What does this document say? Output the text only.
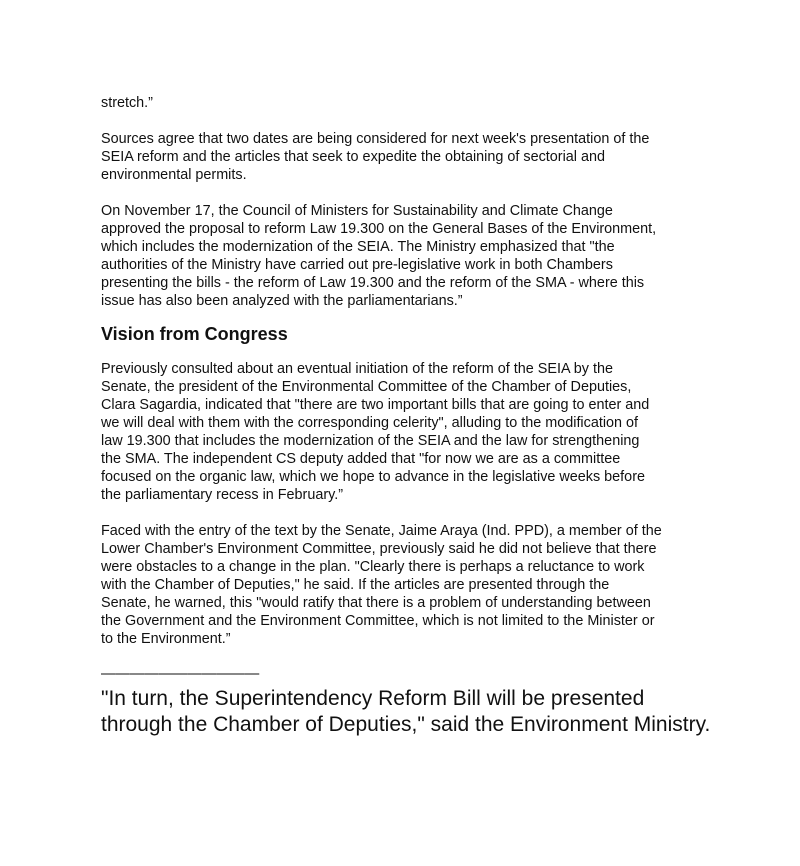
stretch.”

Sources agree that two dates are being considered for next week's presentation of the
SEIA reform and the articles that seek to expedite the obtaining of sectorial and
environmental permits.

On November 17, the Council of Ministers for Sustainability and Climate Change
approved the proposal to reform Law 19.300 on the General Bases of the Environment,
which includes the modernization of the SEIA. The Ministry emphasized that "the
authorities of the Ministry have carried out pre-legislative work in both Chambers
presenting the bills - the reform of Law 19.300 and the reform of the SMA - where this
issue has also been analyzed with the parliamentarians.”

Vision from Congress

Previously consulted about an eventual initiation of the reform of the SEIA by the
Senate, the president of the Environmental Committee of the Chamber of Deputies,
Clara Sagardia, indicated that "there are two important bills that are going to enter and
we will deal with them with the corresponding celerity", alluding to the modification of
law 19.300 that includes the modernization of the SEIA and the law for strengthening
the SMA. The independent CS deputy added that "for now we are as a committee
focused on the organic law, which we hope to advance in the legislative weeks before
the parliamentary recess in February.”

Faced with the entry of the text by the Senate, Jaime Araya (Ind. PPD), a member of the
Lower Chamber's Environment Committee, previously said he did not believe that there
were obstacles to a change in the plan. "Clearly there is perhaps a reluctance to work
with the Chamber of Deputies," he said. If the articles are presented through the
Senate, he warned, this "would ratify that there is a problem of understanding between
the Government and the Environment Committee, which is not limited to the Minister or
to the Environment.”

———————————

"In turn, the Superintendency Reform Bill will be presented
through the Chamber of Deputies," said the Environment Ministry.
